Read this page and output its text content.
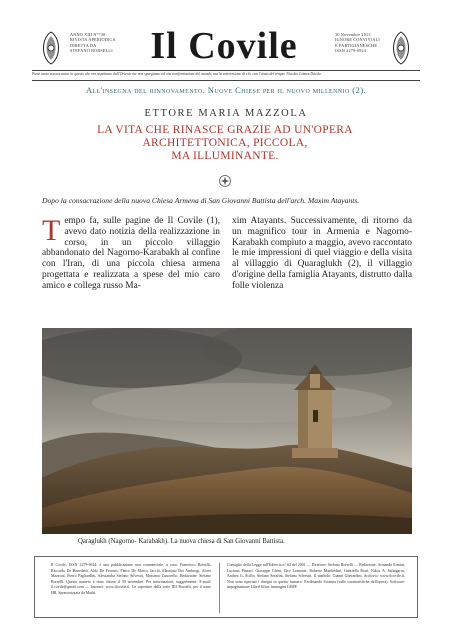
ANNO XIII N°738
RIVISTA APERIODICA
DIRETTA DA
STEFANO BORSELLI Il Covile	30 Novembre 2013
IGNORE CONVIVIALI
E PARTIGIANESCHE
ISSN 2279-6924
Punti tanto trascurantur in questo che ora aspettano dall'Oriente me non spargiamo ed ora trasformazioni del mondo, ma la conversione di ciò, con l'aiuto del tempo. Nicolás Gómez Dávila
All'insegna del rinnovamento. Nuove Chiese per il nuovo millennio (2).
ETTORE MARIA MAZZOLA
LA VITA CHE RINASCE GRAZIE AD UN'OPERA
ARCHITETTONICA, PICCOLA,
MA ILLUMINANTE.
Dopo la consacrazione della nuova Chiesa Armena di San Giovanni Battista dell'arch. Maxim Atayants.
T empo fa, sulle pagine de Il Covile (1), avevo dato notizia della realizzazione in corso, in un piccolo villaggio abbandonato del Nagorno-Karabakh al confine con l'Iran, di una piccola chiesa armena progettata e realizzata a spese del mio caro amico e collega russo Ma-
xim Atayants. Successivamente, di ritorno da un magnifico tour in Armenia e Nagorno-Karabakh compiuto a maggio, avevo raccontato le mie impressioni di quel viaggio e della visita al villaggio di Quaraglukh (2), il villaggio d'origine della famiglia Atayants, distrutto dalla folle violenza
Qaraglukh (Nagorno- Karabakh). La nuova chiesa di San Giovanni Battista.
Il Covile, ISSN 2279-6924, è una pubblicazione non commerciale, a cura: Francesco Borselli, Riccardo De Benedetti, Aldo De Ferraris, Pietro De Marco, Iacchi, Massimo Dei Ambrogi, Alceo Mazzoni, Pietro Pagliardini, Alessandra Stefano Silvestri, Massimo Zanovello. Redazione: Stefano Borselli. Questo numero è stato chiuso il 30 novembre. Per informazioni, suggerimenti: E-mail: il.covile@gmail.com — Internet: www.ilcovile.it. Le copertine della serie IIII Borselli, per il nano HB. Sponsorizzata da Mathi.
Consiglio della Legge sull'Editoria n° 62 del 2001 — Direttore: Stefano Borselli — Redazione: Armando Ermini, Luciano Pinzari, Giuseppe Ghini, Ciro Lomonte, Roberto Manfredini, Gabriella Rouf, Nikos A. Salingaros, Andrea G. Sciffo, Stefano Serafini, Stefano Silvestri. Il simbolo: Gianni Gherardini. Archivio: www.ilcovile.it. Non sono riportati i disegni in questo numero: Ferdinando Scianna (sulle caratteristiche dell'opera). Software: impaginazione LibreOffice, immagini GIMP.
